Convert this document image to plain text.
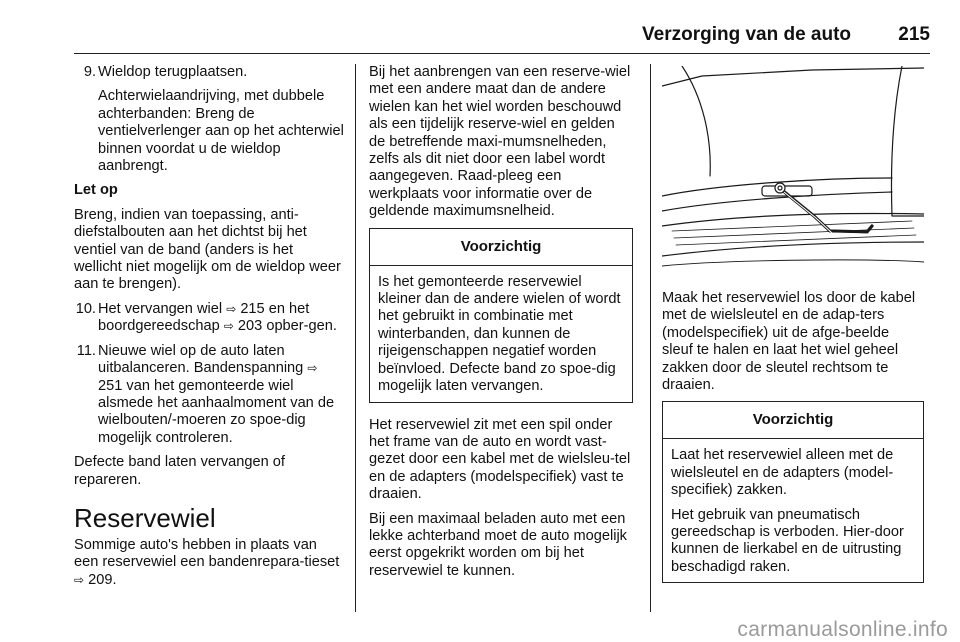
Verzorging van de auto 215
9. Wieldop terugplaatsen.
Achterwielaandrijving, met dubbele achterbanden: Breng de ventielverlenger aan op het achterwiel binnen voordat u de wieldop aanbrengt.

Let op

Breng, indien van toepassing, anti-diefstalbouten aan het dichtst bij het ventiel van de band (anders is het wellicht niet mogelijk om de wieldop weer aan te brengen).

10. Het vervangen wiel ⇨ 215 en het boordgereedschap ⇨ 203 opber-gen.
11. Nieuwe wiel op de auto laten uitbalanceren. Bandenspanning ⇨ 251 van het gemonteerde wiel alsmede het aanhaalmoment van de wielbouten/-moeren zo spoe-dig mogelijk controleren.

Defecte band laten vervangen of repareren.

Reservewiel

Sommige auto's hebben in plaats van een reservewiel een bandenrepara-tieset ⇨ 209.

Bij het aanbrengen van een reserve-wiel met een andere maat dan de andere wielen kan het wiel worden beschouwd als een tijdelijk reserve-wiel en gelden de betreffende maxi-mumsnelheden, zelfs als dit niet door een label wordt aangegeven. Raad-pleeg een werkplaats voor informatie over de geldende maximumsnelheid.

Voorzichtig

Is het gemonteerde reservewiel kleiner dan de andere wielen of wordt het gebruikt in combinatie met winterbanden, dan kunnen de rijeigenschappen negatief worden beïnvloed. Defecte band zo spoe-dig mogelijk laten vervangen.

Het reservewiel zit met een spil onder het frame van de auto en wordt vast-gezet door een kabel met de wielsleu-tel en de adapters (modelspecifiek) vast te draaien.

Bij een maximaal beladen auto met een lekke achterband moet de auto mogelijk eerst opgekrikt worden om bij het reservewiel te kunnen.

Maak het reservewiel los door de kabel met de wielsleutel en de adap-ters (modelspecifiek) uit de afge-beelde sleuf te halen en laat het wiel geheel zakken door de sleutel rechtsom te draaien.

Voorzichtig

Laat het reservewiel alleen met de wielsleutel en de adapters (model-specifiek) zakken.

Het gebruik van pneumatisch gereedschap is verboden. Hier-door kunnen de lierkabel en de uitrusting beschadigd raken.

carmanualsonline.info
